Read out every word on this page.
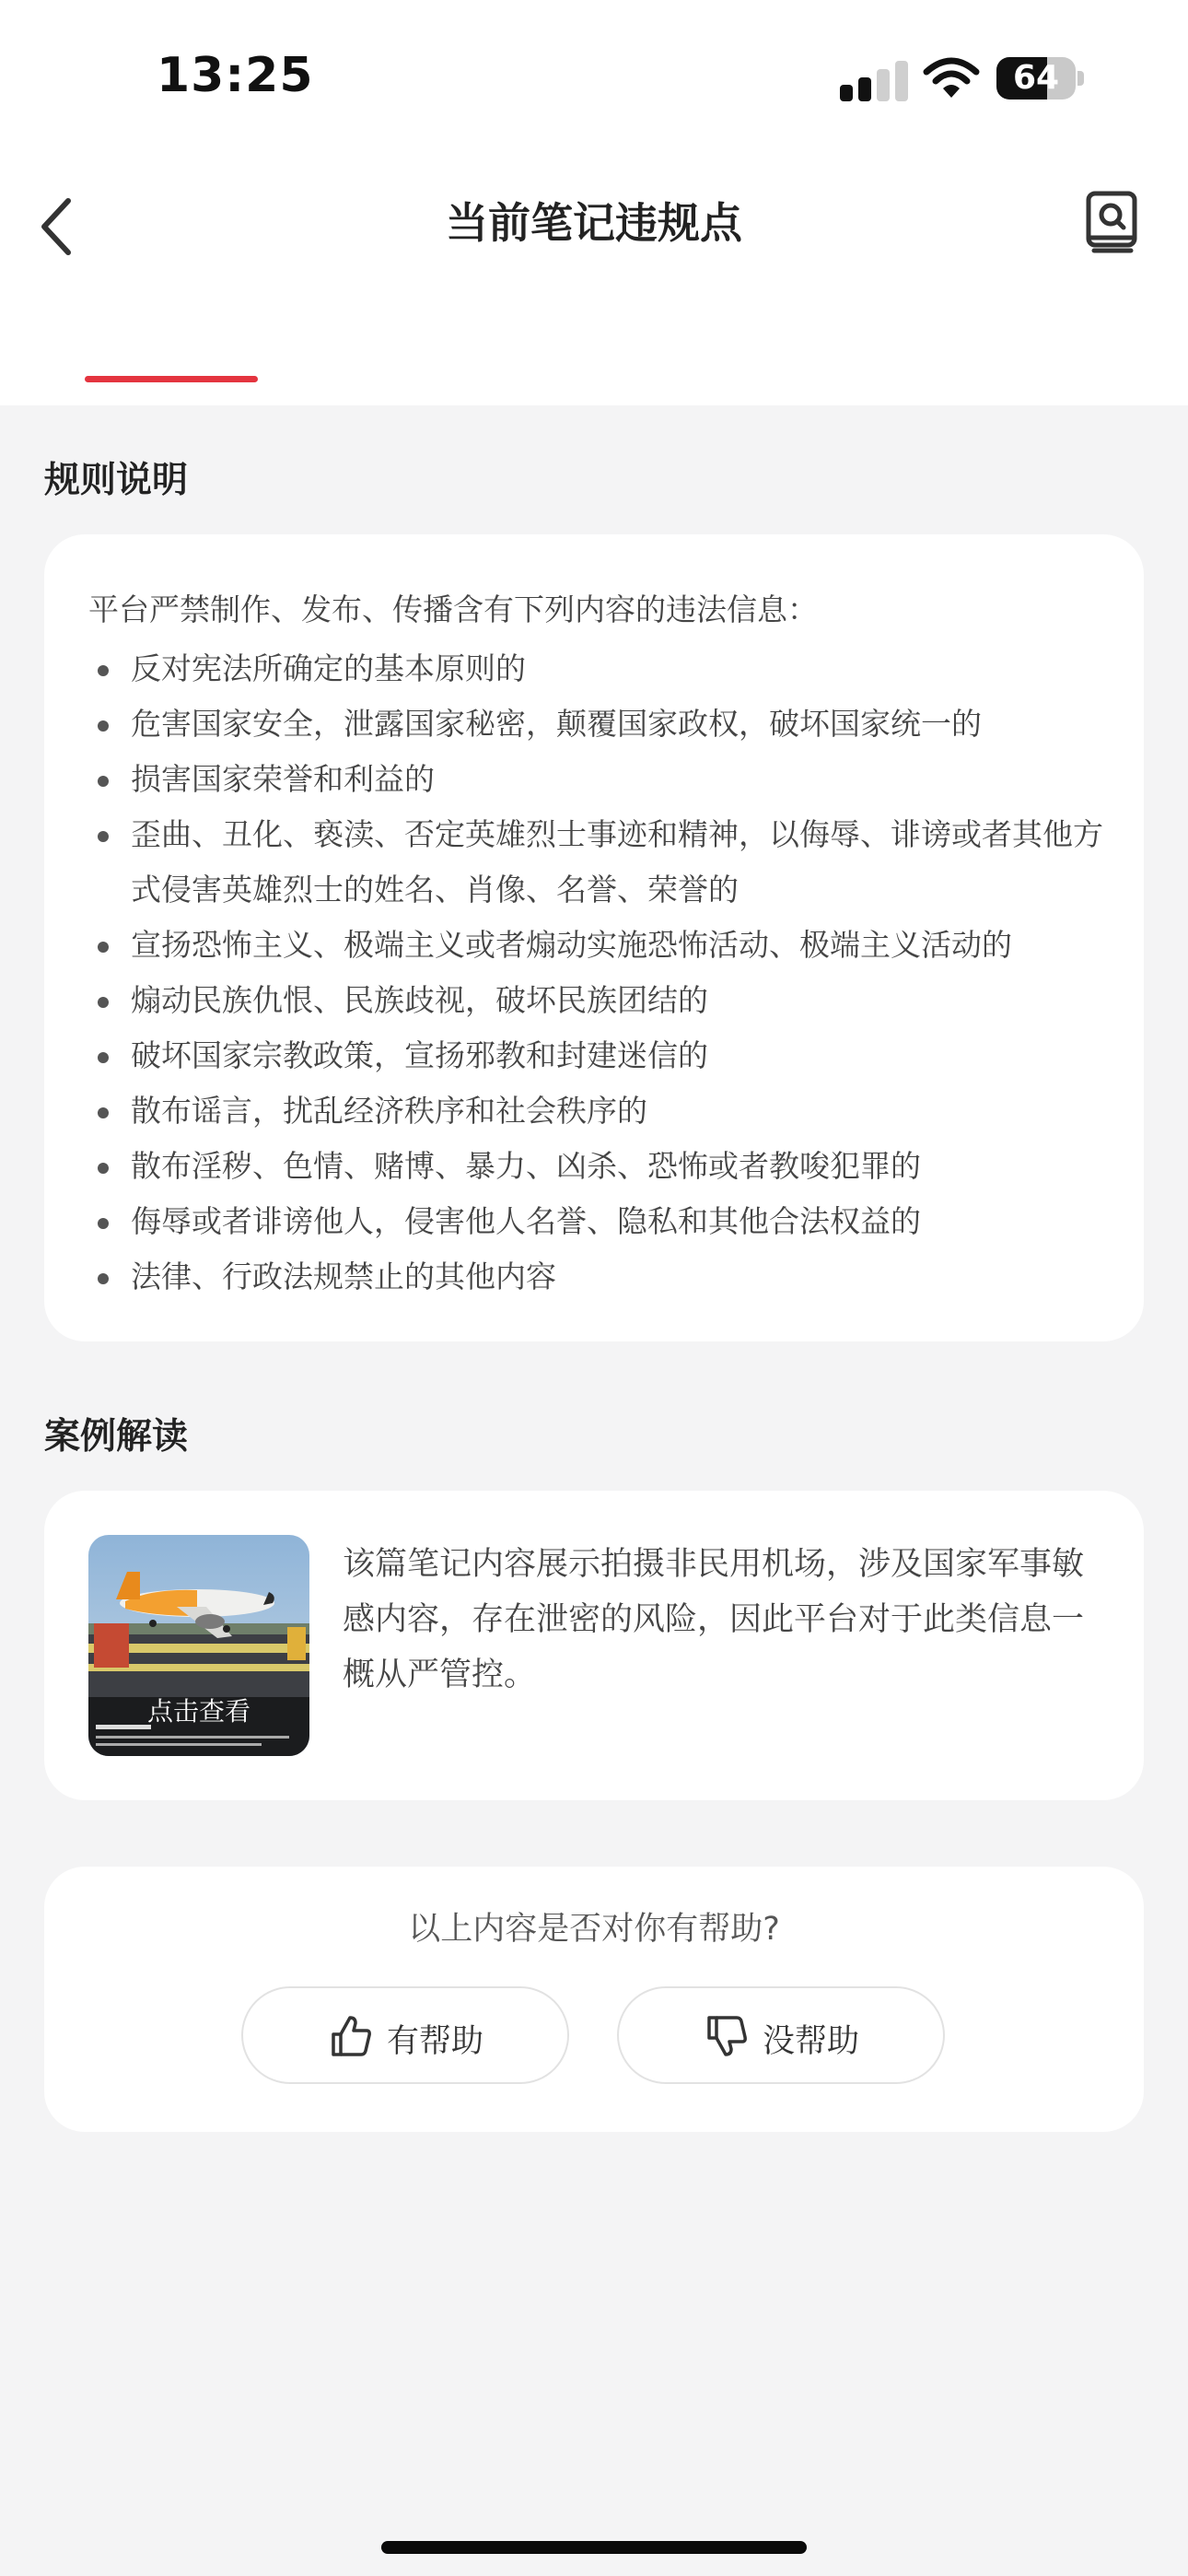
13:25	64
当前笔记违规点
规则说明
平台严禁制作、发布、传播含有下列内容的违法信息：
反对宪法所确定的基本原则的
危害国家安全，泄露国家秘密，颠覆国家政权，破坏国家统一的
损害国家荣誉和利益的
歪曲、丑化、亵渎、否定英雄烈士事迹和精神，以侮辱、诽谤或者其他方式侵害英雄烈士的姓名、肖像、名誉、荣誉的
宣扬恐怖主义、极端主义或者煽动实施恐怖活动、极端主义活动的
煽动民族仇恨、民族歧视，破坏民族团结的
破坏国家宗教政策，宣扬邪教和封建迷信的
散布谣言，扰乱经济秩序和社会秩序的
散布淫秽、色情、赌博、暴力、凶杀、恐怖或者教唆犯罪的
侮辱或者诽谤他人，侵害他人名誉、隐私和其他合法权益的
法律、行政法规禁止的其他内容
案例解读
点击查看
该篇笔记内容展示拍摄非民用机场，涉及国家军事敏感内容，存在泄密的风险，因此平台对于此类信息一概从严管控。
以上内容是否对你有帮助?
有帮助	没帮助
